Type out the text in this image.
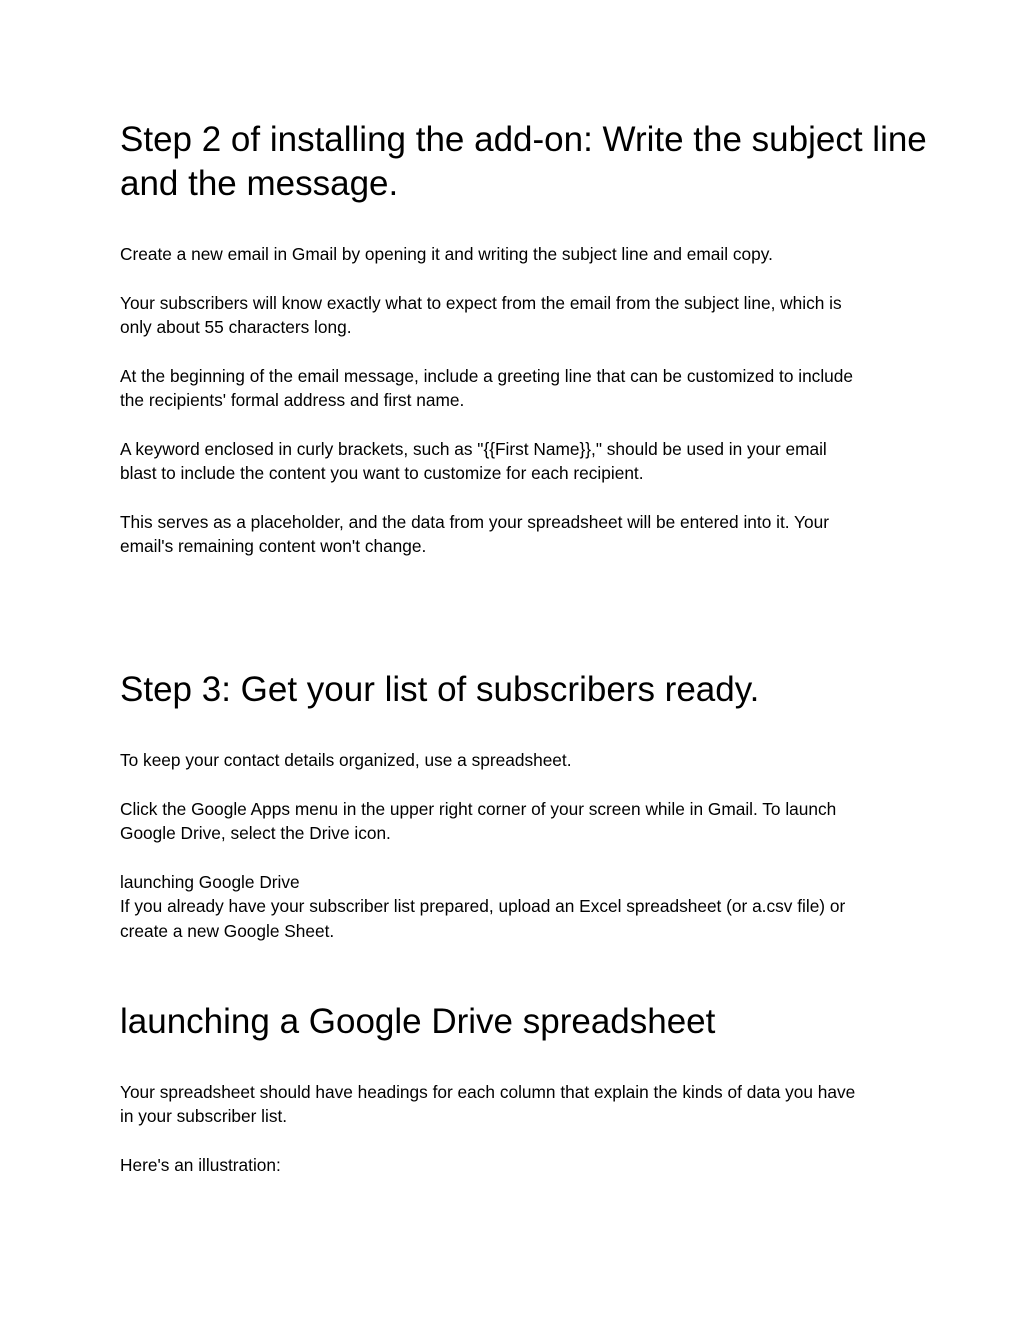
Step 2 of installing the add-on: Write the subject line
and the message.

Create a new email in Gmail by opening it and writing the subject line and email copy.

Your subscribers will know exactly what to expect from the email from the subject line, which is
only about 55 characters long.

At the beginning of the email message, include a greeting line that can be customized to include
the recipients' formal address and first name.

A keyword enclosed in curly brackets, such as "{{First Name}}," should be used in your email
blast to include the content you want to customize for each recipient.

This serves as a placeholder, and the data from your spreadsheet will be entered into it. Your
email's remaining content won't change.

Step 3: Get your list of subscribers ready.

To keep your contact details organized, use a spreadsheet.

Click the Google Apps menu in the upper right corner of your screen while in Gmail. To launch
Google Drive, select the Drive icon.

launching Google Drive
If you already have your subscriber list prepared, upload an Excel spreadsheet (or a.csv file) or
create a new Google Sheet.

launching a Google Drive spreadsheet

Your spreadsheet should have headings for each column that explain the kinds of data you have
in your subscriber list.

Here's an illustration:
